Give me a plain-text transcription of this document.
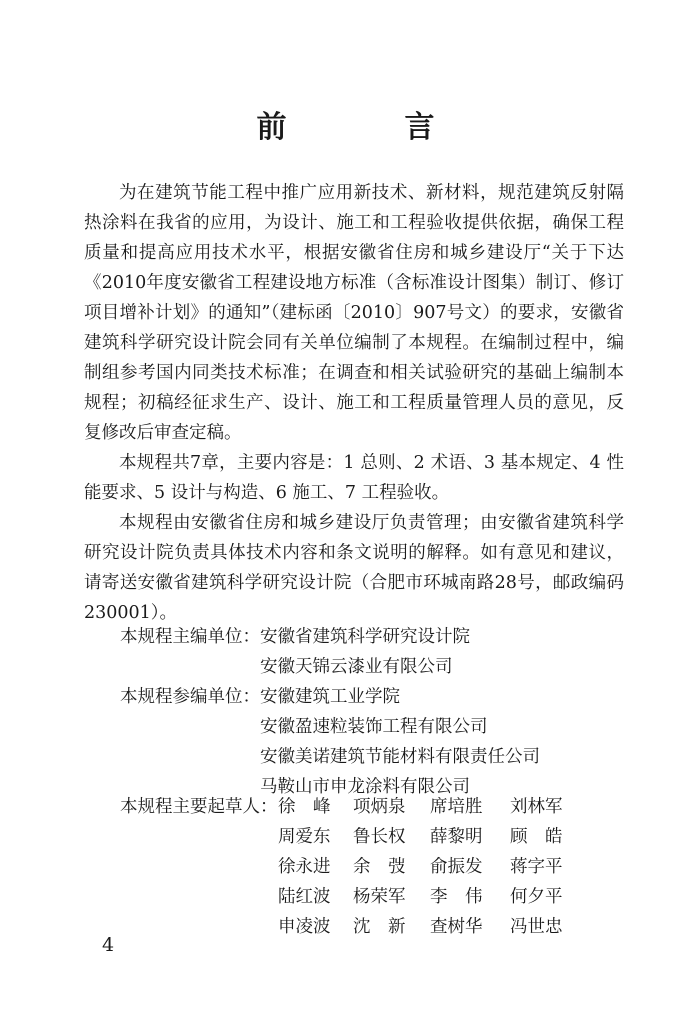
前　言

为在建筑节能工程中推广应用新技术、新材料，规范建筑反射隔热涂料在我省的应用，为设计、施工和工程验收提供依据，确保工程质量和提高应用技术水平，根据安徽省住房和城乡建设厅“关于下达《2010年度安徽省工程建设地方标准（含标准设计图集）制订、修订项目增补计划》的通知”（建标函〔2010〕907号文）的要求，安徽省建筑科学研究设计院会同有关单位编制了本规程。在编制过程中，编制组参考国内同类技术标准；在调查和相关试验研究的基础上编制本规程；初稿经征求生产、设计、施工和工程质量管理人员的意见，反复修改后审查定稿。

本规程共7章，主要内容是：1 总则、2 术语、3 基本规定、4 性能要求、5 设计与构造、6 施工、7 工程验收。

本规程由安徽省住房和城乡建设厅负责管理；由安徽省建筑科学研究设计院负责具体技术内容和条文说明的解释。如有意见和建议，请寄送安徽省建筑科学研究设计院（合肥市环城南路28号，邮政编码230001）。

本规程主编单位： 安徽省建筑科学研究设计院
安徽天锦云漆业有限公司
本规程参编单位： 安徽建筑工业学院
安徽盈速粒装饰工程有限公司
安徽美诺建筑节能材料有限责任公司
马鞍山市申龙涂料有限公司
本规程主要起草人： 徐　峰	项炳泉	席培胜	刘林军
周爱东	鲁长权	薛黎明	顾　皓
徐永进	余　弢	俞振发	蒋字平
陆红波	杨荣军	李　伟	何夕平
申凌波	沈　新	查树华	冯世忠
4
